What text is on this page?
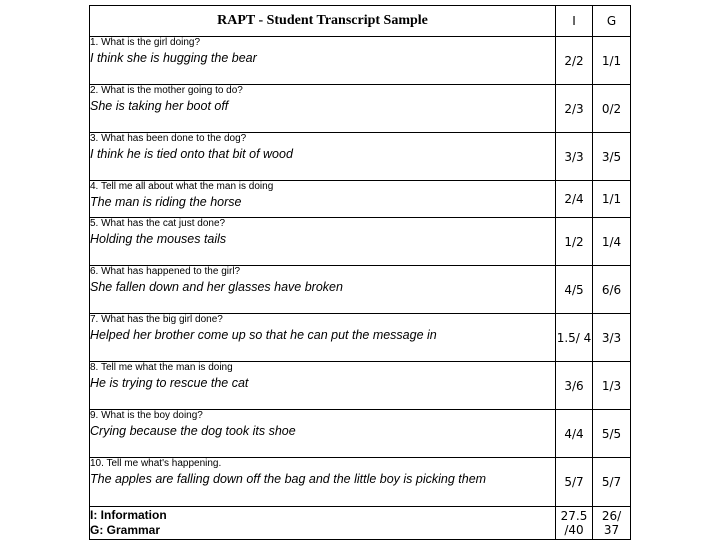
RAPT - Student Transcript Sample	I	G

1. What is the girl doing?
I think she is hugging the bear	2/2	1/1

2. What is the mother going to do?
She is taking her boot off	2/3	0/2

3. What has been done to the dog?
I think he is tied onto that bit of wood	3/3	3/5

4. Tell me all about what the man is doing
The man is riding the horse	2/4	1/1

5. What has the cat just done?
Holding the mouses tails	1/2	1/4

6. What has happened to the girl?
She fallen down and her glasses have broken	4/5	6/6

7. What has the big girl done?
Helped her brother come up so that he can put the message in	1.5/ 4	3/3

8. Tell me what the man is doing
He is trying to rescue the cat	3/6	1/3

9. What is the boy doing?
Crying because the dog took its shoe	4/4	5/5

10. Tell me what's happening.
The apples are falling down off the bag and the little boy is picking them	5/7	5/7

I: Information
G: Grammar	27.5 /40	26/ 37
